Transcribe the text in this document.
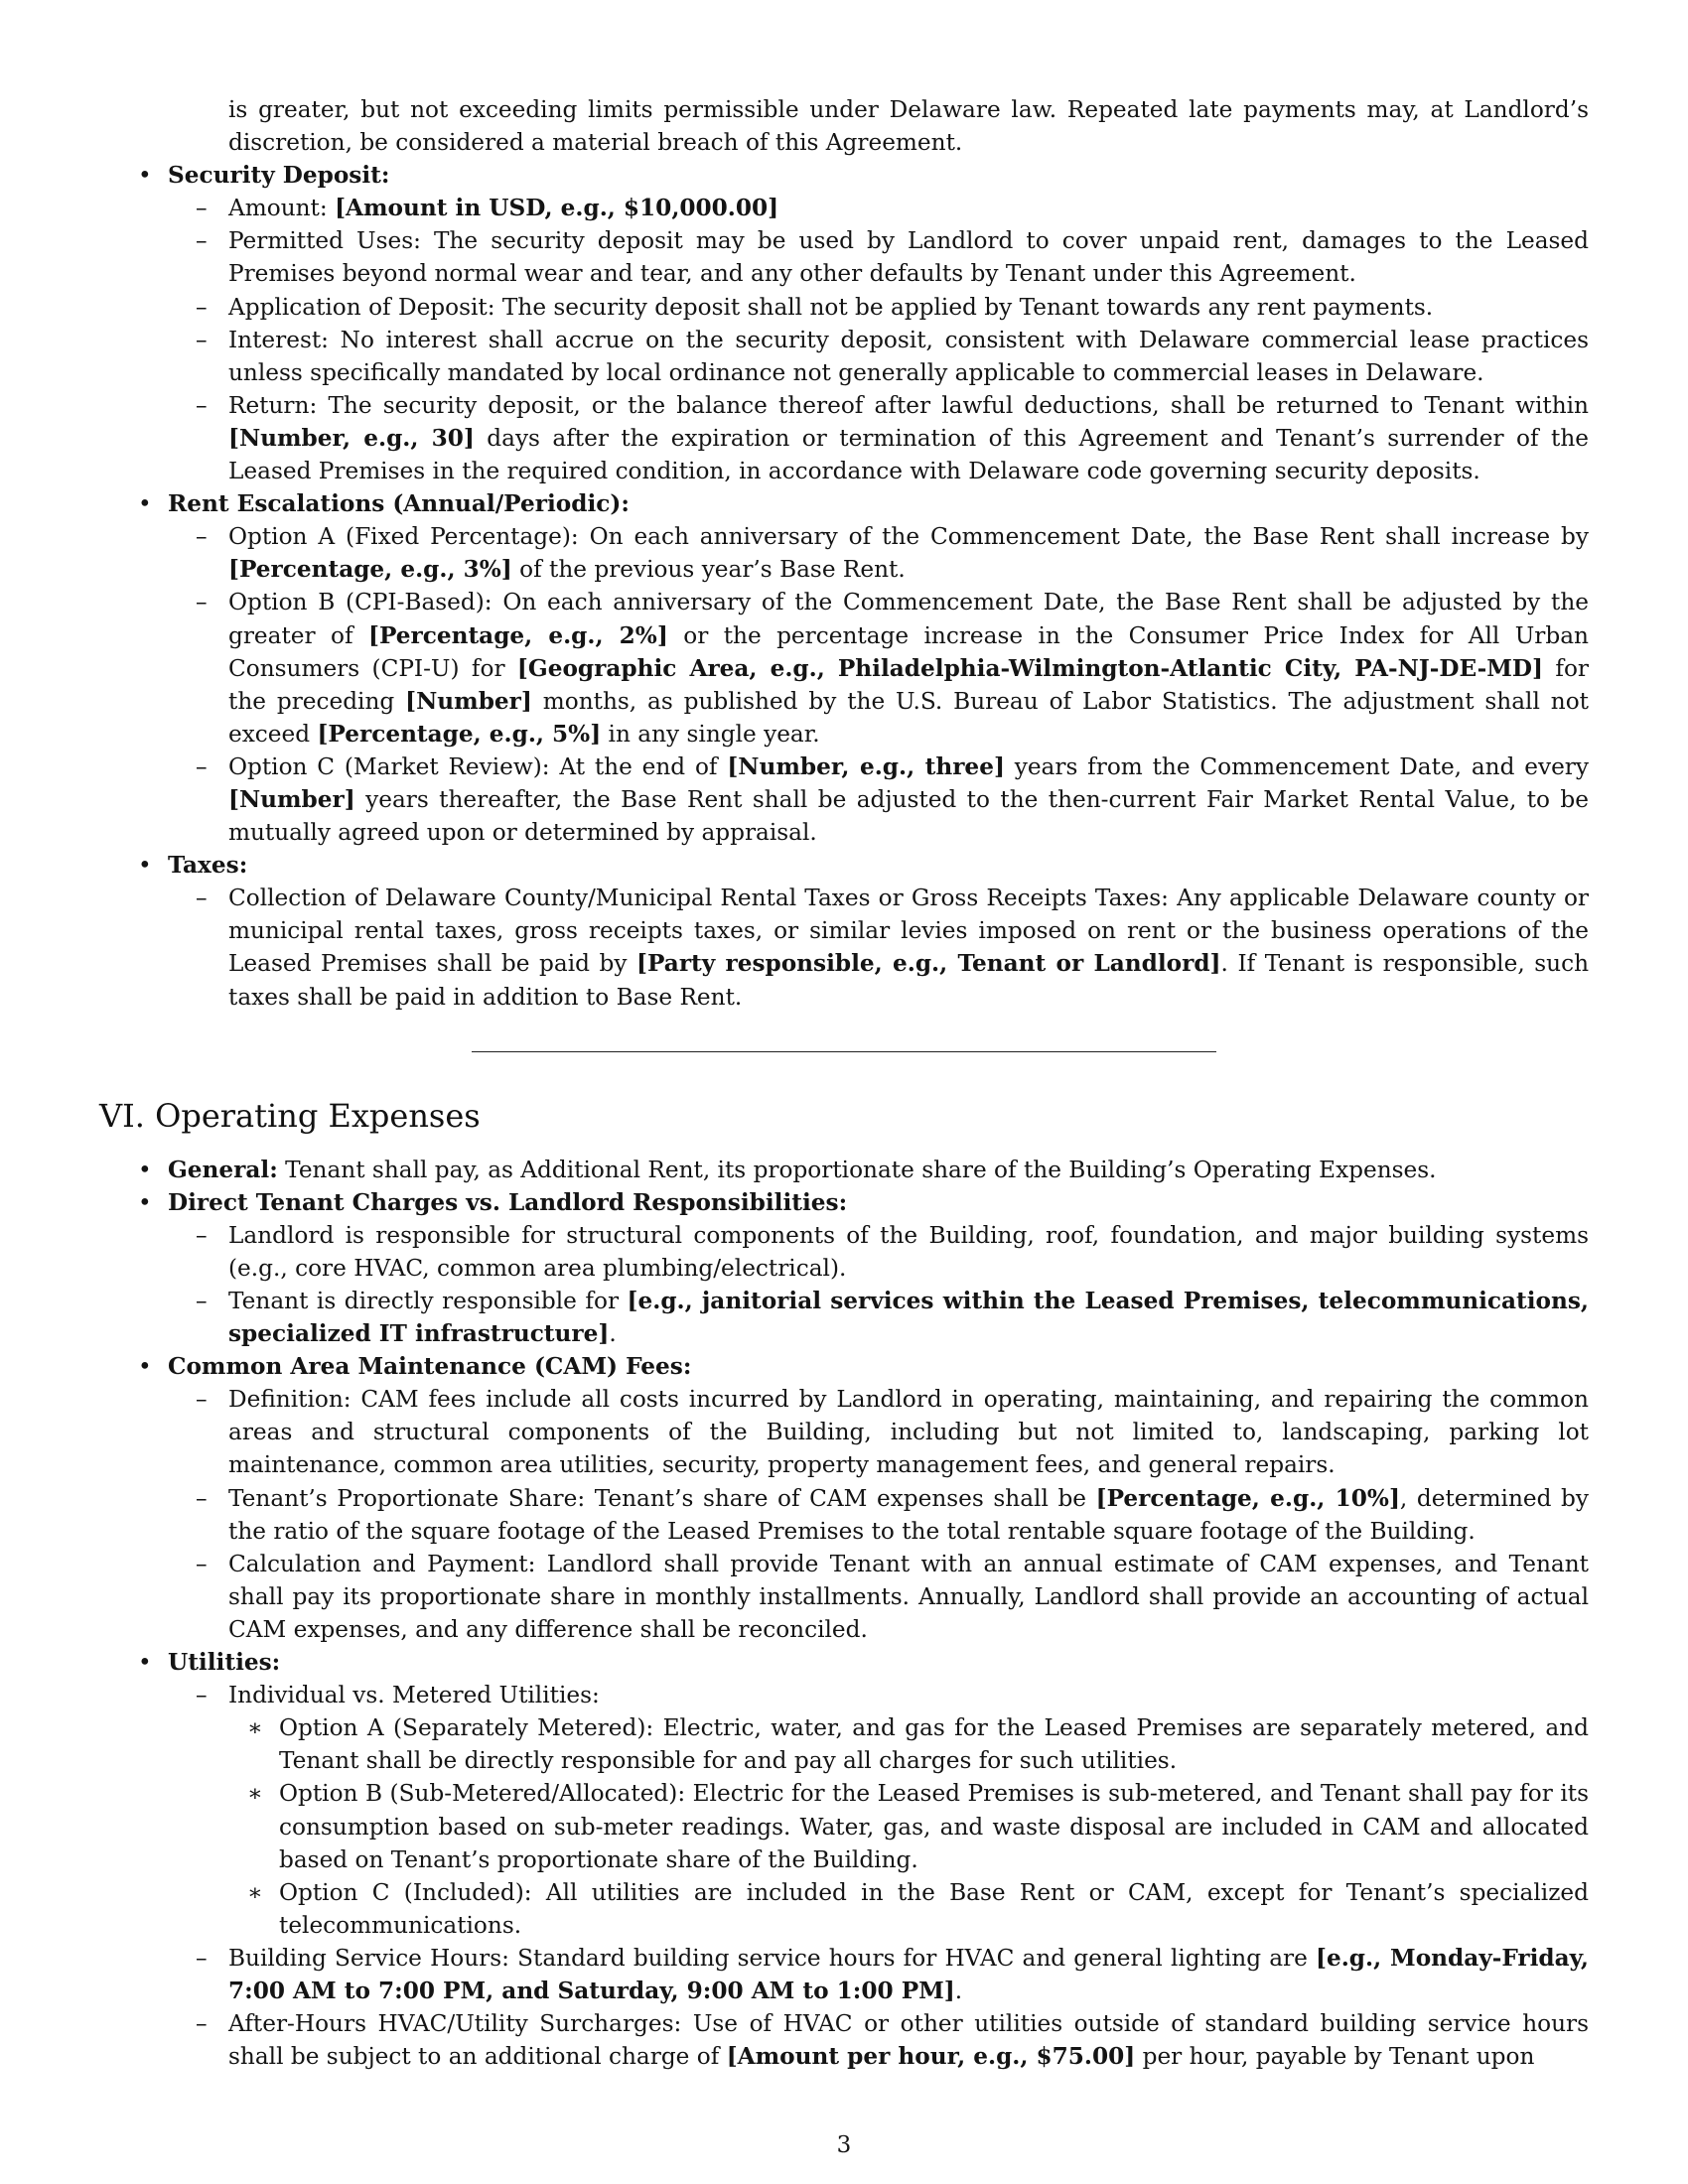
is greater, but not exceeding limits permissible under Delaware law. Repeated late payments may, at Landlord’s discretion, be considered a material breach of this Agreement.
• Security Deposit:
– Amount: [Amount in USD, e.g., $10,000.00]
– Permitted Uses: The security deposit may be used by Landlord to cover unpaid rent, damages to the Leased Premises beyond normal wear and tear, and any other defaults by Tenant under this Agreement.
– Application of Deposit: The security deposit shall not be applied by Tenant towards any rent payments.
– Interest: No interest shall accrue on the security deposit, consistent with Delaware commercial lease practices unless specifically mandated by local ordinance not generally applicable to commercial leases in Delaware.
– Return: The security deposit, or the balance thereof after lawful deductions, shall be returned to Tenant within [Number, e.g., 30] days after the expiration or termination of this Agreement and Tenant’s surrender of the Leased Premises in the required condition, in accordance with Delaware code governing security deposits.
• Rent Escalations (Annual/Periodic):
– Option A (Fixed Percentage): On each anniversary of the Commencement Date, the Base Rent shall increase by [Percentage, e.g., 3%] of the previous year’s Base Rent.
– Option B (CPI-Based): On each anniversary of the Commencement Date, the Base Rent shall be adjusted by the greater of [Percentage, e.g., 2%] or the percentage increase in the Consumer Price Index for All Urban Consumers (CPI-U) for [Geographic Area, e.g., Philadelphia-Wilmington-Atlantic City, PA-NJ-DE-MD] for the preceding [Number] months, as published by the U.S. Bureau of Labor Statistics. The adjustment shall not exceed [Percentage, e.g., 5%] in any single year.
– Option C (Market Review): At the end of [Number, e.g., three] years from the Commencement Date, and every [Number] years thereafter, the Base Rent shall be adjusted to the then-current Fair Market Rental Value, to be mutually agreed upon or determined by appraisal.
• Taxes:
– Collection of Delaware County/Municipal Rental Taxes or Gross Receipts Taxes: Any applicable Delaware county or municipal rental taxes, gross receipts taxes, or similar levies imposed on rent or the business operations of the Leased Premises shall be paid by [Party responsible, e.g., Tenant or Landlord]. If Tenant is responsible, such taxes shall be paid in addition to Base Rent.
VI. Operating Expenses
• General: Tenant shall pay, as Additional Rent, its proportionate share of the Building’s Operating Expenses.
• Direct Tenant Charges vs. Landlord Responsibilities:
– Landlord is responsible for structural components of the Building, roof, foundation, and major building systems (e.g., core HVAC, common area plumbing/electrical).
– Tenant is directly responsible for [e.g., janitorial services within the Leased Premises, telecommunications, specialized IT infrastructure].
• Common Area Maintenance (CAM) Fees:
– Definition: CAM fees include all costs incurred by Landlord in operating, maintaining, and repairing the common areas and structural components of the Building, including but not limited to, landscaping, parking lot maintenance, common area utilities, security, property management fees, and general repairs.
– Tenant’s Proportionate Share: Tenant’s share of CAM expenses shall be [Percentage, e.g., 10%], determined by the ratio of the square footage of the Leased Premises to the total rentable square footage of the Building.
– Calculation and Payment: Landlord shall provide Tenant with an annual estimate of CAM expenses, and Tenant shall pay its proportionate share in monthly installments. Annually, Landlord shall provide an accounting of actual CAM expenses, and any difference shall be reconciled.
• Utilities:
– Individual vs. Metered Utilities:
∗ Option A (Separately Metered): Electric, water, and gas for the Leased Premises are separately metered, and Tenant shall be directly responsible for and pay all charges for such utilities.
∗ Option B (Sub-Metered/Allocated): Electric for the Leased Premises is sub-metered, and Tenant shall pay for its consumption based on sub-meter readings. Water, gas, and waste disposal are included in CAM and allocated based on Tenant’s proportionate share of the Building.
∗ Option C (Included): All utilities are included in the Base Rent or CAM, except for Tenant’s specialized telecommunications.
– Building Service Hours: Standard building service hours for HVAC and general lighting are [e.g., Monday-Friday, 7:00 AM to 7:00 PM, and Saturday, 9:00 AM to 1:00 PM].
– After-Hours HVAC/Utility Surcharges: Use of HVAC or other utilities outside of standard building service hours shall be subject to an additional charge of [Amount per hour, e.g., $75.00] per hour, payable by Tenant upon
3
